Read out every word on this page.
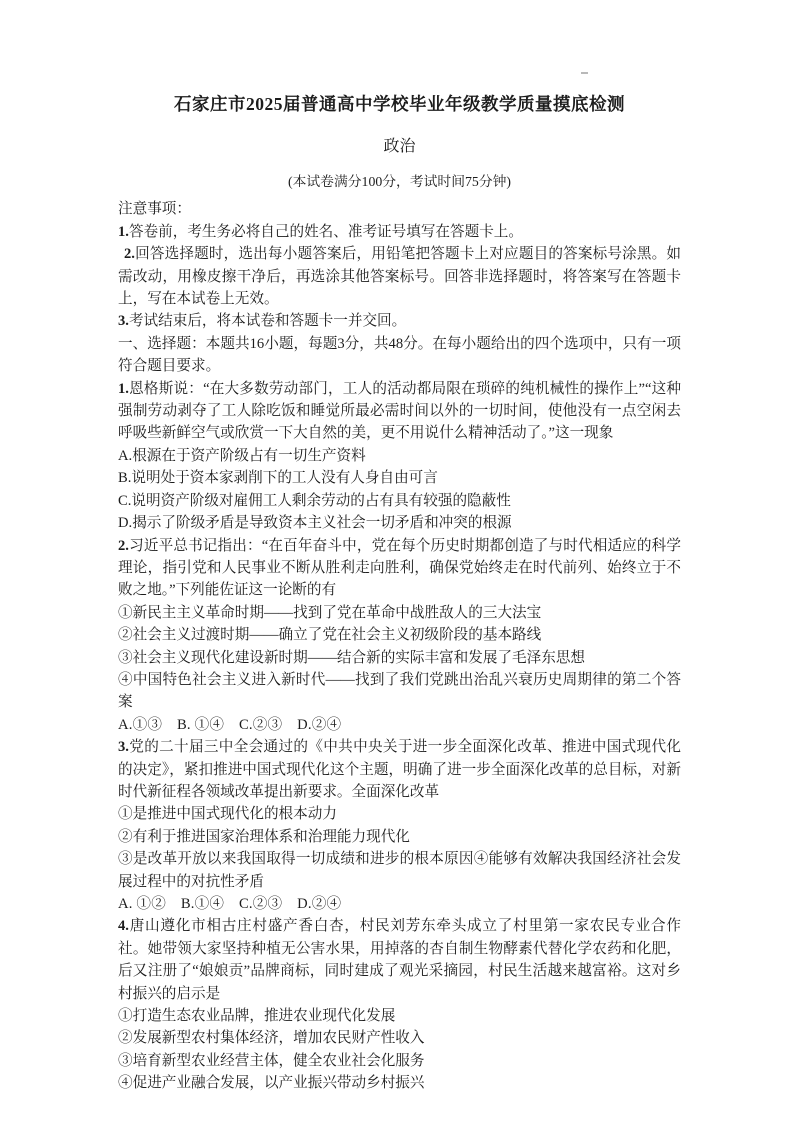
石家庄市2025届普通高中学校毕业年级教学质量摸底检测
政治
(本试卷满分100分，考试时间75分钟)

注意事项：

1.答卷前，考生务必将自己的姓名、准考证号填写在答题卡上。

2.回答选择题时，选出每小题答案后，用铅笔把答题卡上对应题目的答案标号涂黑。如需改动，用橡皮擦干净后，再选涂其他答案标号。回答非选择题时，将答案写在答题卡上，写在本试卷上无效。

3.考试结束后，将本试卷和答题卡一并交回。

一、选择题：本题共16小题，每题3分，共48分。在每小题给出的四个选项中，只有一项符合题目要求。

1.恩格斯说：“在大多数劳动部门，工人的活动都局限在琐碎的纯机械性的操作上”“这种强制劳动剥夺了工人除吃饭和睡觉所最必需时间以外的一切时间，使他没有一点空闲去呼吸些新鲜空气或欣赏一下大自然的美，更不用说什么精神活动了。”这一现象

A.根源在于资产阶级占有一切生产资料

B.说明处于资本家剥削下的工人没有人身自由可言

C.说明资产阶级对雇佣工人剩余劳动的占有具有较强的隐蔽性

D.揭示了阶级矛盾是导致资本主义社会一切矛盾和冲突的根源

2.习近平总书记指出：“在百年奋斗中，党在每个历史时期都创造了与时代相适应的科学理论，指引党和人民事业不断从胜利走向胜利，确保党始终走在时代前列、始终立于不败之地。”下列能佐证这一论断的有

①新民主主义革命时期——找到了党在革命中战胜敌人的三大法宝

②社会主义过渡时期——确立了党在社会主义初级阶段的基本路线

③社会主义现代化建设新时期——结合新的实际丰富和发展了毛泽东思想

④中国特色社会主义进入新时代——找到了我们党跳出治乱兴衰历史周期律的第二个答案

A.①③　B. ①④　C.②③　D.②④

3.党的二十届三中全会通过的《中共中央关于进一步全面深化改革、推进中国式现代化的决定》，紧扣推进中国式现代化这个主题，明确了进一步全面深化改革的总目标，对新时代新征程各领域改革提出新要求。全面深化改革

①是推进中国式现代化的根本动力

②有利于推进国家治理体系和治理能力现代化

③是改革开放以来我国取得一切成绩和进步的根本原因④能够有效解决我国经济社会发展过程中的对抗性矛盾

A. ①②　B.①④　C.②③　D.②④

4.唐山遵化市相古庄村盛产香白杏，村民刘芳东牵头成立了村里第一家农民专业合作社。她带领大家坚持种植无公害水果，用掉落的杏自制生物酵素代替化学农药和化肥，后又注册了“娘娘贡”品牌商标，同时建成了观光采摘园，村民生活越来越富裕。这对乡村振兴的启示是

①打造生态农业品牌，推进农业现代化发展

②发展新型农村集体经济，增加农民财产性收入

③培育新型农业经营主体，健全农业社会化服务

④促进产业融合发展，以产业振兴带动乡村振兴
